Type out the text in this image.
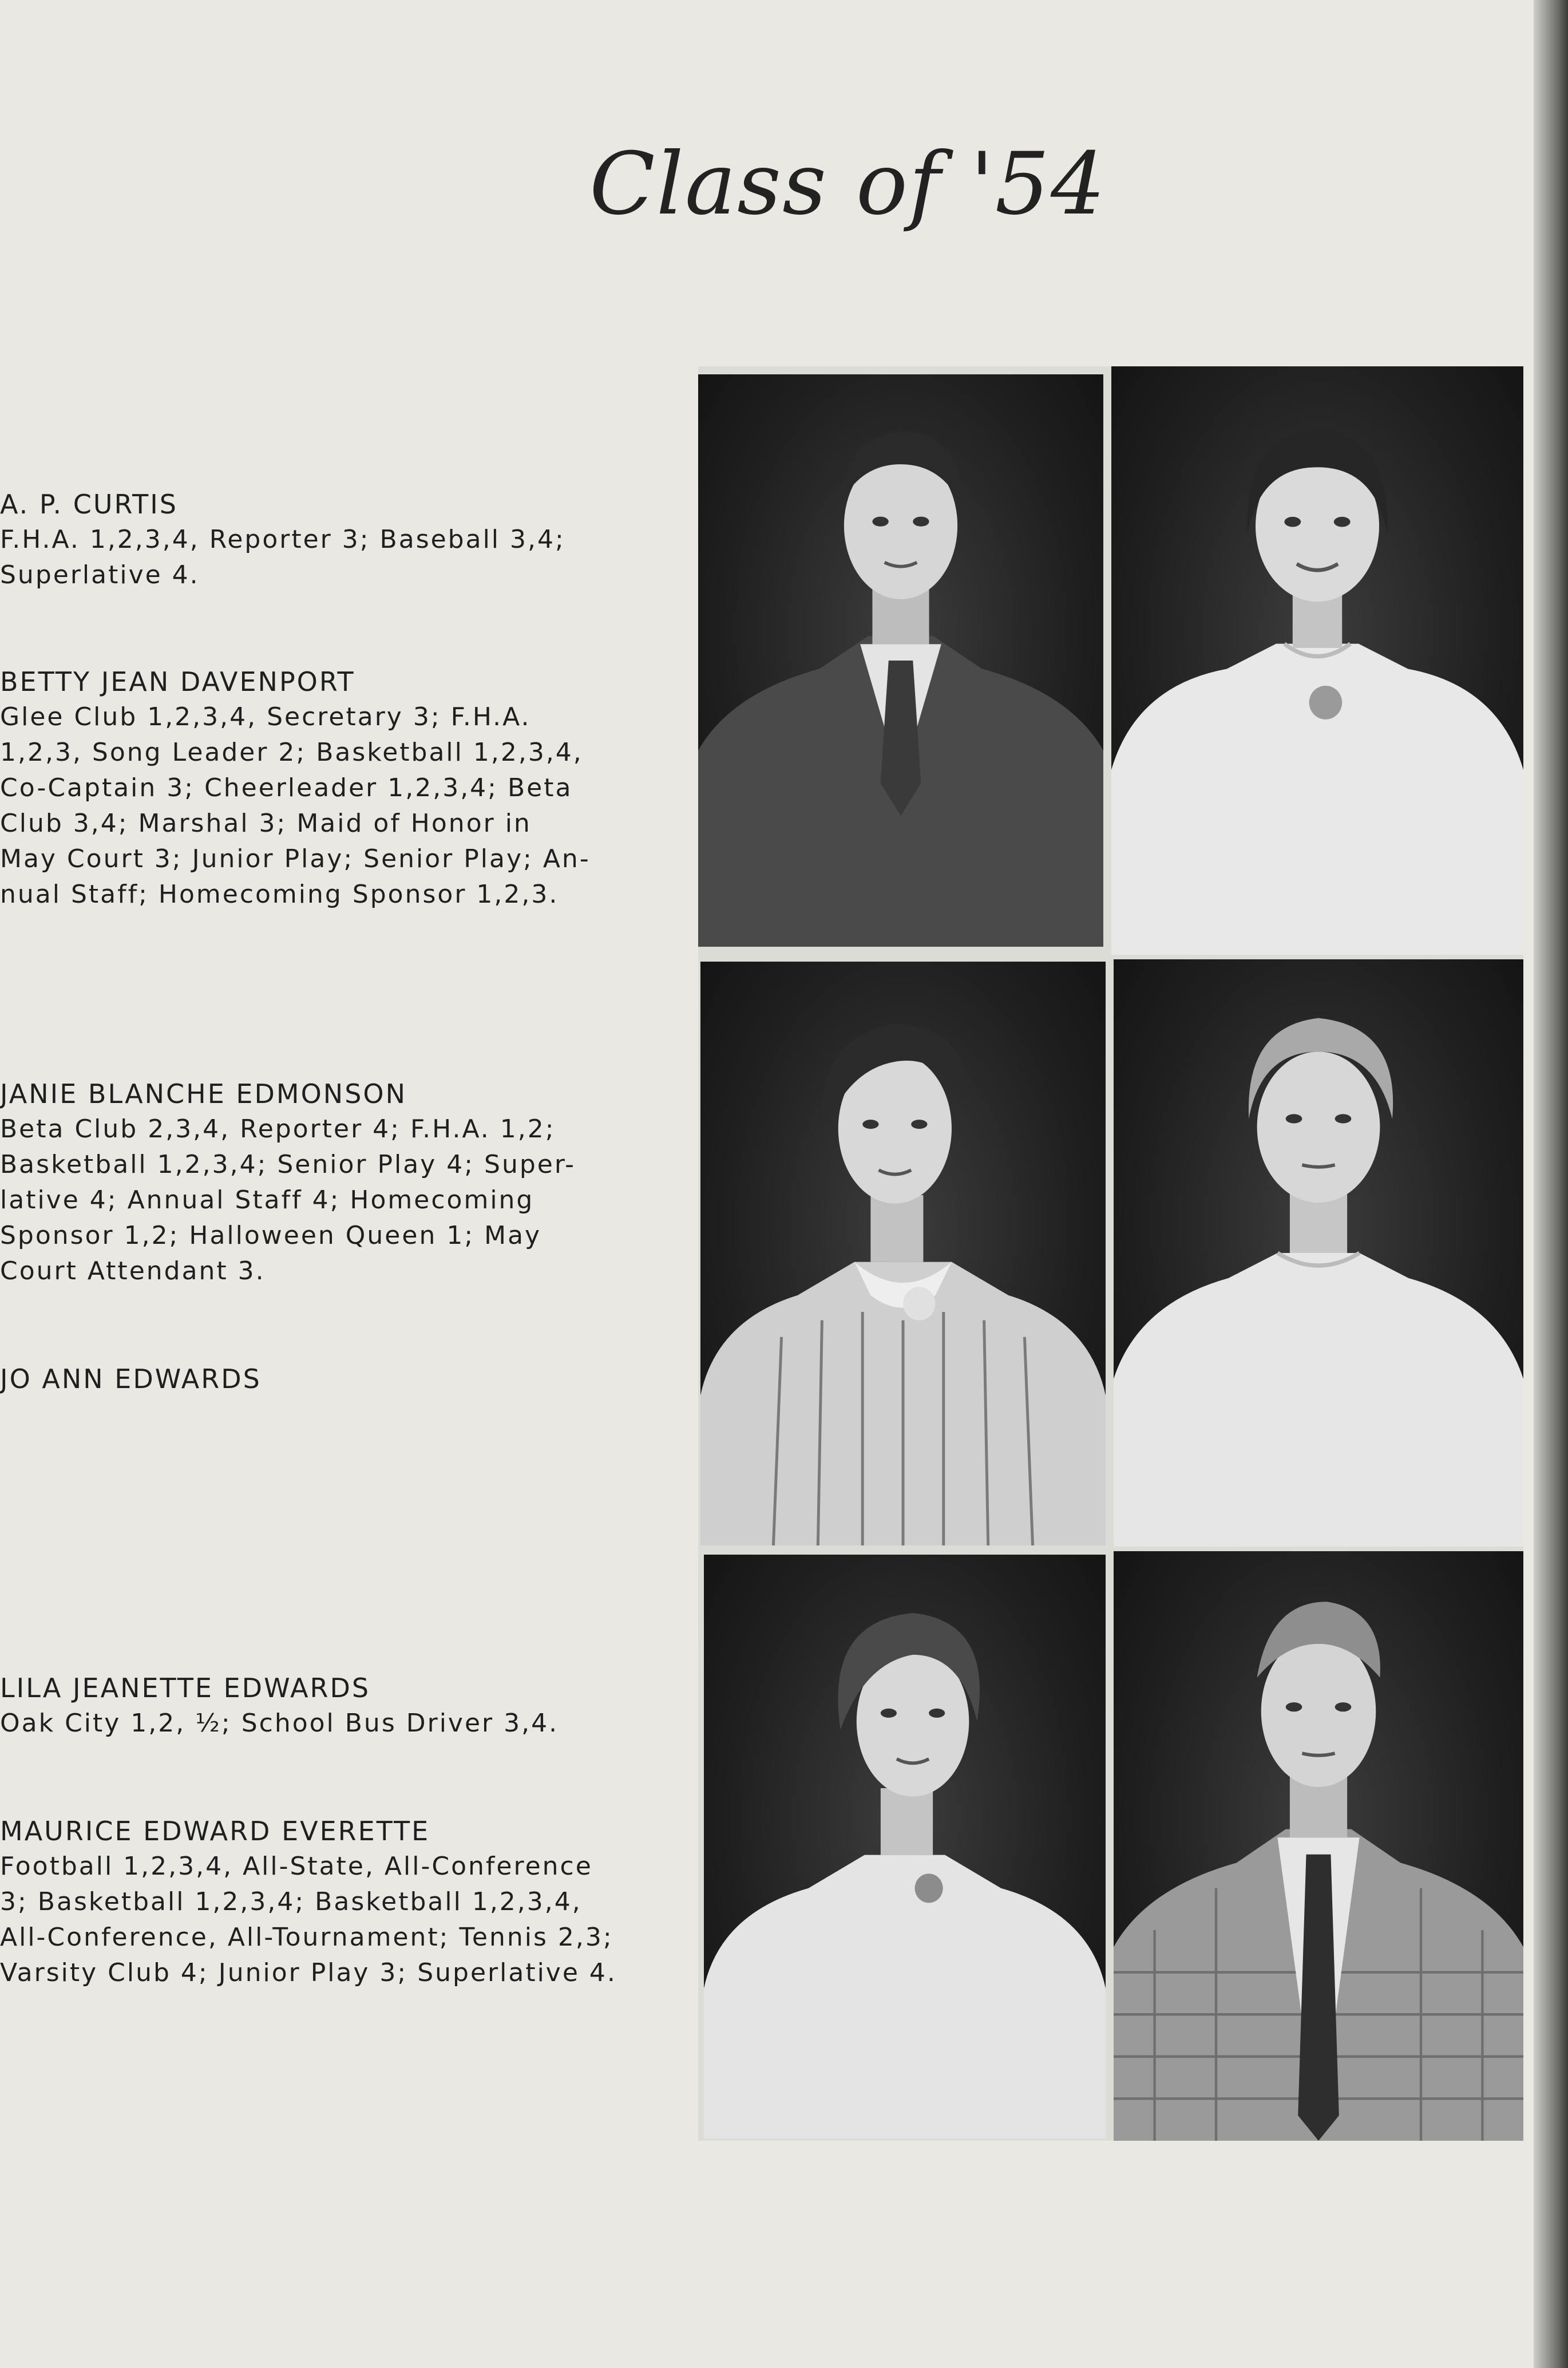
Class of '54
A. P. CURTIS
F.H.A. 1,2,3,4, Reporter 3; Baseball 3,4;
Superlative 4.
BETTY JEAN DAVENPORT
Glee Club 1,2,3,4, Secretary 3; F.H.A.
1,2,3, Song Leader 2; Basketball 1,2,3,4,
Co-Captain 3; Cheerleader 1,2,3,4; Beta
Club 3,4; Marshal 3; Maid of Honor in
May Court 3; Junior Play; Senior Play; An-
nual Staff; Homecoming Sponsor 1,2,3.
JANIE BLANCHE EDMONSON
Beta Club 2,3,4, Reporter 4; F.H.A. 1,2;
Basketball 1,2,3,4; Senior Play 4; Super-
lative 4; Annual Staff 4; Homecoming
Sponsor 1,2; Halloween Queen 1; May
Court Attendant 3.
JO ANN EDWARDS
LILA JEANETTE EDWARDS
Oak City 1,2, ½; School Bus Driver 3,4.
MAURICE EDWARD EVERETTE
Football 1,2,3,4, All-State, All-Conference
3; Basketball 1,2,3,4; Basketball 1,2,3,4,
All-Conference, All-Tournament; Tennis 2,3;
Varsity Club 4; Junior Play 3; Superlative 4.
